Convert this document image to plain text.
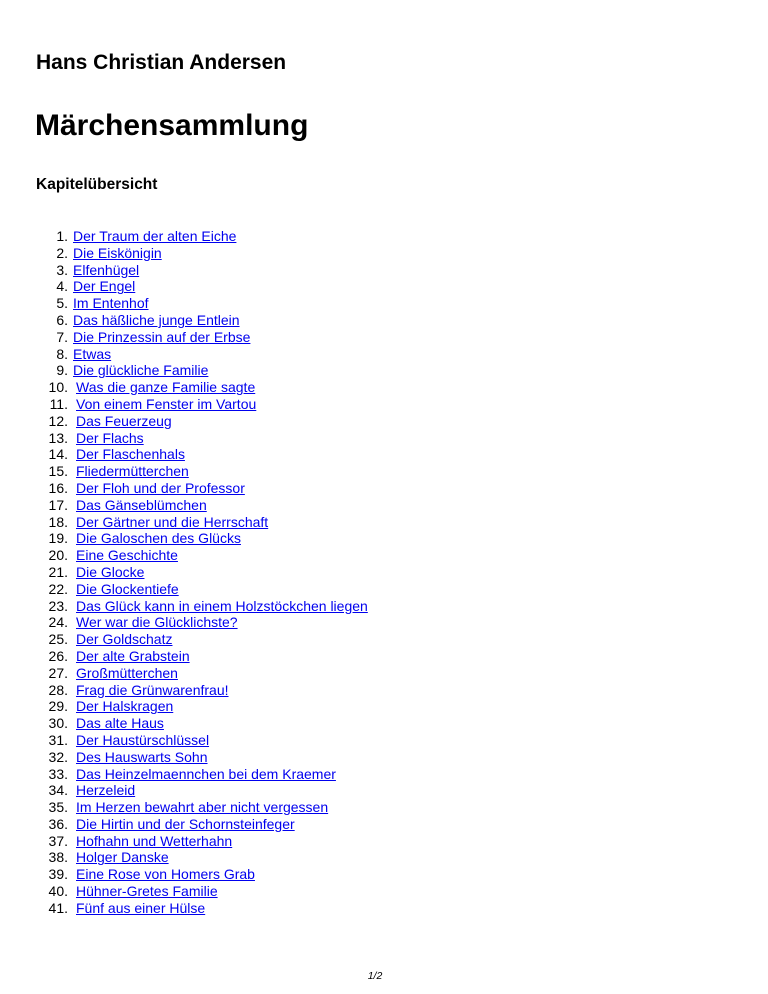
Hans Christian Andersen
Märchensammlung
Kapitelübersicht
1. Der Traum der alten Eiche
2. Die Eiskönigin
3. Elfenhügel
4. Der Engel
5. Im Entenhof
6. Das häßliche junge Entlein
7. Die Prinzessin auf der Erbse
8. Etwas
9. Die glückliche Familie
10. Was die ganze Familie sagte
11. Von einem Fenster im Vartou
12. Das Feuerzeug
13. Der Flachs
14. Der Flaschenhals
15. Fliedermütterchen
16. Der Floh und der Professor
17. Das Gänseblümchen
18. Der Gärtner und die Herrschaft
19. Die Galoschen des Glücks
20. Eine Geschichte
21. Die Glocke
22. Die Glockentiefe
23. Das Glück kann in einem Holzstöckchen liegen
24. Wer war die Glücklichste?
25. Der Goldschatz
26. Der alte Grabstein
27. Großmütterchen
28. Frag die Grünwarenfrau!
29. Der Halskragen
30. Das alte Haus
31. Der Haustürschlüssel
32. Des Hauswarts Sohn
33. Das Heinzelmaennchen bei dem Kraemer
34. Herzeleid
35. Im Herzen bewahrt aber nicht vergessen
36. Die Hirtin und der Schornsteinfeger
37. Hofhahn und Wetterhahn
38. Holger Danske
39. Eine Rose von Homers Grab
40. Hühner-Gretes Familie
41. Fünf aus einer Hülse
1/2
